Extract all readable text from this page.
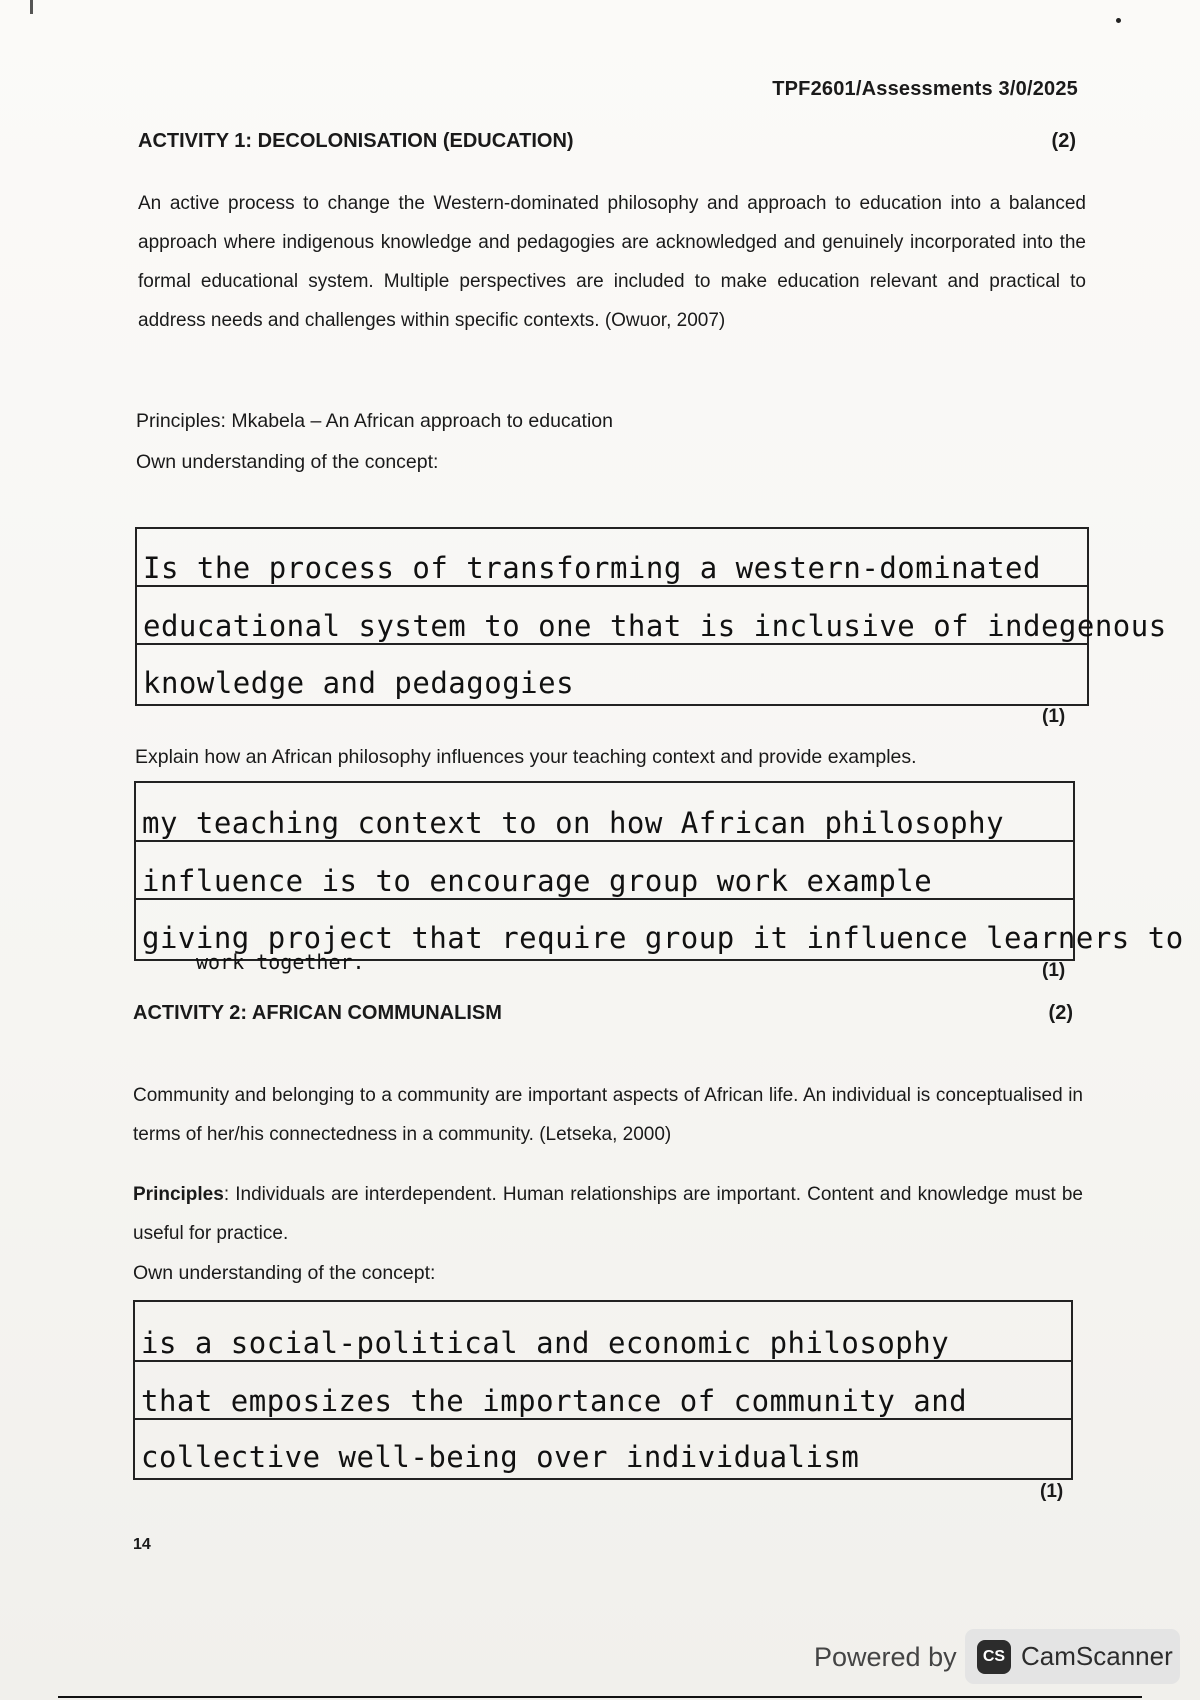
TPF2601/Assessments 3/0/2025
ACTIVITY 1: DECOLONISATION (EDUCATION)	(2)
An active process to change the Western-dominated philosophy and approach to education into a balanced approach where indigenous knowledge and pedagogies are acknowledged and genuinely incorporated into the formal educational system. Multiple perspectives are included to make education relevant and practical to address needs and challenges within specific contexts. (Owuor, 2007)
Principles: Mkabela – An African approach to education
Own understanding of the concept:
Is the process of transforming a western-dominated
educational system to one that is inclusive of indegenous
knowledge and pedagogies
(1)
Explain how an African philosophy influences your teaching context and provide examples.
my teaching context to on how African philosophy
influence is to encourage group work example
giving project that require group it influence learners to
work together.	(1)
ACTIVITY 2: AFRICAN COMMUNALISM	(2)
Community and belonging to a community are important aspects of African life. An individual is conceptualised in terms of her/his connectedness in a community. (Letseka, 2000)
Principles: Individuals are interdependent. Human relationships are important. Content and knowledge must be useful for practice.
Own understanding of the concept:
is a social-political and economic philosophy
that emposizes the importance of community and
collective well-being over individualism
(1)
14
Powered by	CS CamScanner
